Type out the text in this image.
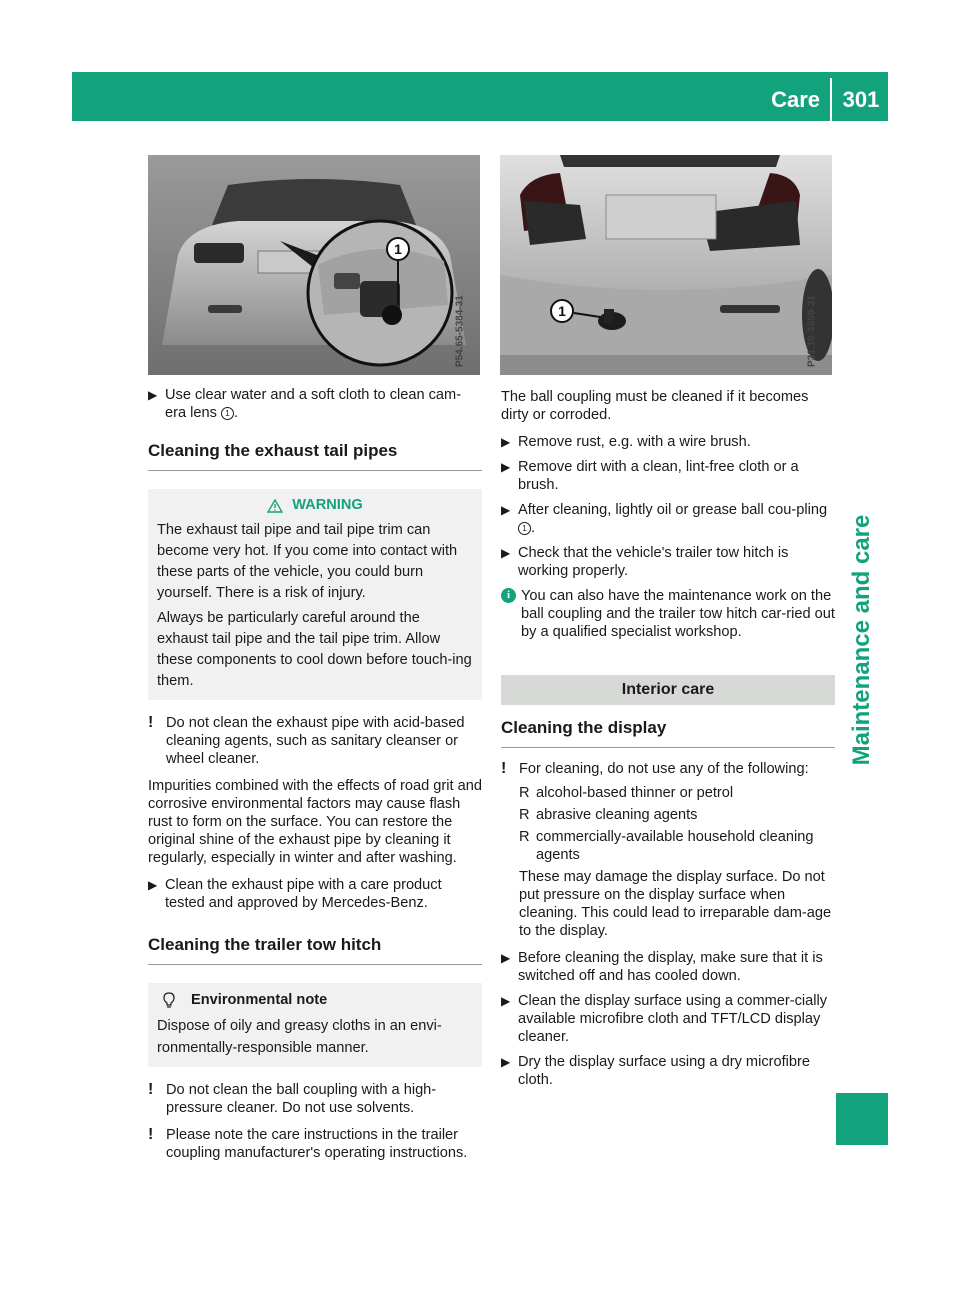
Care	301
Maintenance and care
1
P54.65-5384-31	1	P31.10-3559-31
▶ Use clear water and a soft cloth to clean cam-
era lens 1 .
Cleaning the exhaust tail pipes
WARNING
The exhaust tail pipe and tail pipe trim can become very hot. If you come into contact with these parts of the vehicle, you could burn yourself. There is a risk of injury.
Always be particularly careful around the exhaust tail pipe and the tail pipe trim. Allow these components to cool down before touch-ing them.
! Do not clean the exhaust pipe with acid-based cleaning agents, such as sanitary cleanser or wheel cleaner.
Impurities combined with the effects of road grit and corrosive environmental factors may cause flash rust to form on the surface. You can restore the original shine of the exhaust pipe by cleaning it regularly, especially in winter and after washing.
▶ Clean the exhaust pipe with a care product tested and approved by Mercedes-Benz.
Cleaning the trailer tow hitch
Environmental note
Dispose of oily and greasy cloths in an envi-ronmentally-responsible manner.
! Do not clean the ball coupling with a high-pressure cleaner. Do not use solvents.
! Please note the care instructions in the trailer coupling manufacturer's operating instructions.
The ball coupling must be cleaned if it becomes dirty or corroded.
▶ Remove rust, e.g. with a wire brush.
▶ Remove dirt with a clean, lint-free cloth or a brush.
▶ After cleaning, lightly oil or grease ball cou-pling 1 .
▶ Check that the vehicle's trailer tow hitch is working properly.
i You can also have the maintenance work on the ball coupling and the trailer tow hitch car-ried out by a qualified specialist workshop.
Interior care
Cleaning the display
! For cleaning, do not use any of the following:
R alcohol-based thinner or petrol
R abrasive cleaning agents
R commercially-available household cleaning agents
These may damage the display surface. Do not put pressure on the display surface when cleaning. This could lead to irreparable dam-age to the display.
▶ Before cleaning the display, make sure that it is switched off and has cooled down.
▶ Clean the display surface using a commer-cially available microfibre cloth and TFT/LCD display cleaner.
▶ Dry the display surface using a dry microfibre cloth.
